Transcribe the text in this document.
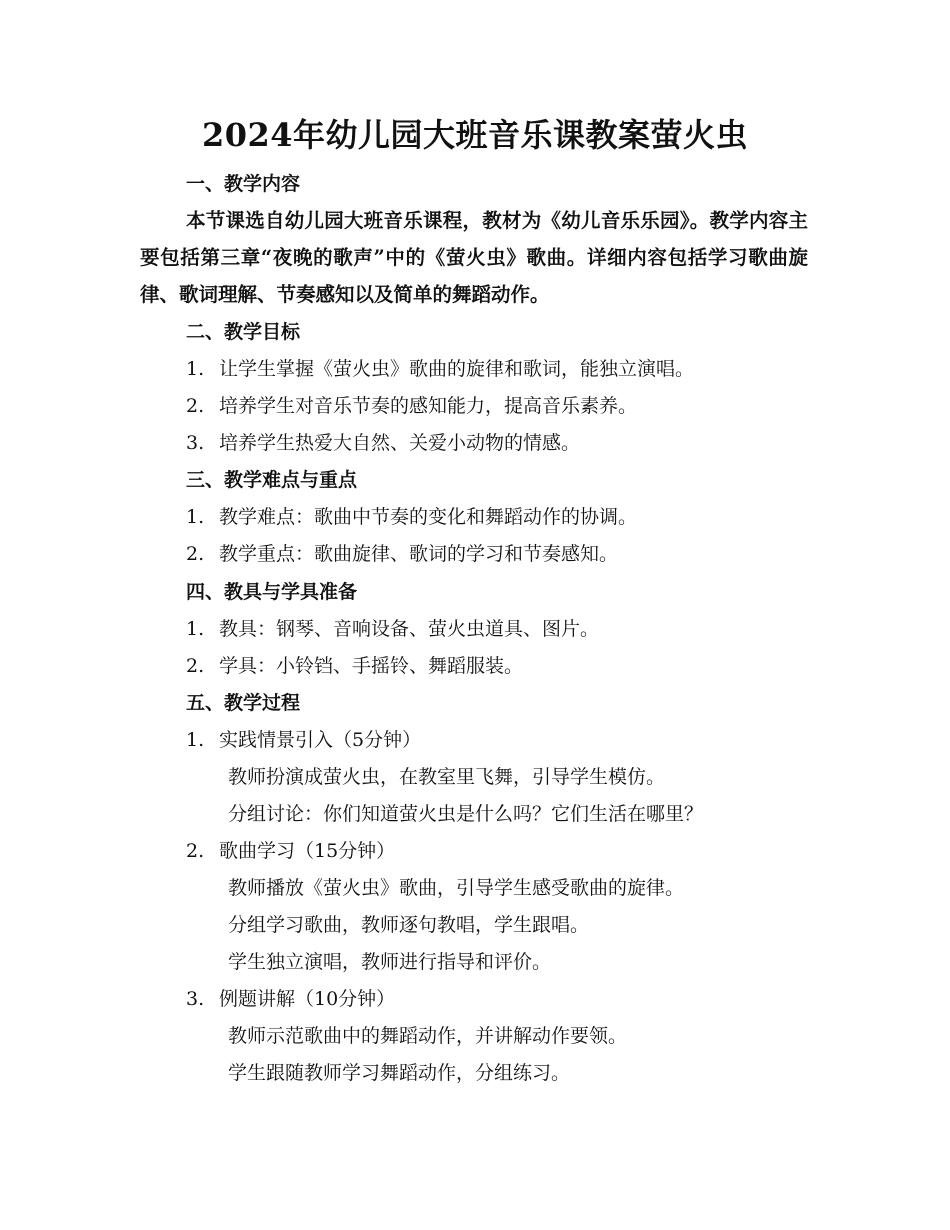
2024年幼儿园大班音乐课教案萤火虫
一、教学内容
本节课选自幼儿园大班音乐课程，教材为《幼儿音乐乐园》。教学内容主要包括第三章“夜晚的歌声”中的《萤火虫》歌曲。详细内容包括学习歌曲旋律、歌词理解、节奏感知以及简单的舞蹈动作。
二、教学目标
1. 让学生掌握《萤火虫》歌曲的旋律和歌词，能独立演唱。
2. 培养学生对音乐节奏的感知能力，提高音乐素养。
3. 培养学生热爱大自然、关爱小动物的情感。
三、教学难点与重点
1. 教学难点：歌曲中节奏的变化和舞蹈动作的协调。
2. 教学重点：歌曲旋律、歌词的学习和节奏感知。
四、教具与学具准备
1. 教具：钢琴、音响设备、萤火虫道具、图片。
2. 学具：小铃铛、手摇铃、舞蹈服装。
五、教学过程
1. 实践情景引入（5分钟）
教师扮演成萤火虫，在教室里飞舞，引导学生模仿。
分组讨论：你们知道萤火虫是什么吗？它们生活在哪里？
2. 歌曲学习（15分钟）
教师播放《萤火虫》歌曲，引导学生感受歌曲的旋律。
分组学习歌曲，教师逐句教唱，学生跟唱。
学生独立演唱，教师进行指导和评价。
3. 例题讲解（10分钟）
教师示范歌曲中的舞蹈动作，并讲解动作要领。
学生跟随教师学习舞蹈动作，分组练习。
